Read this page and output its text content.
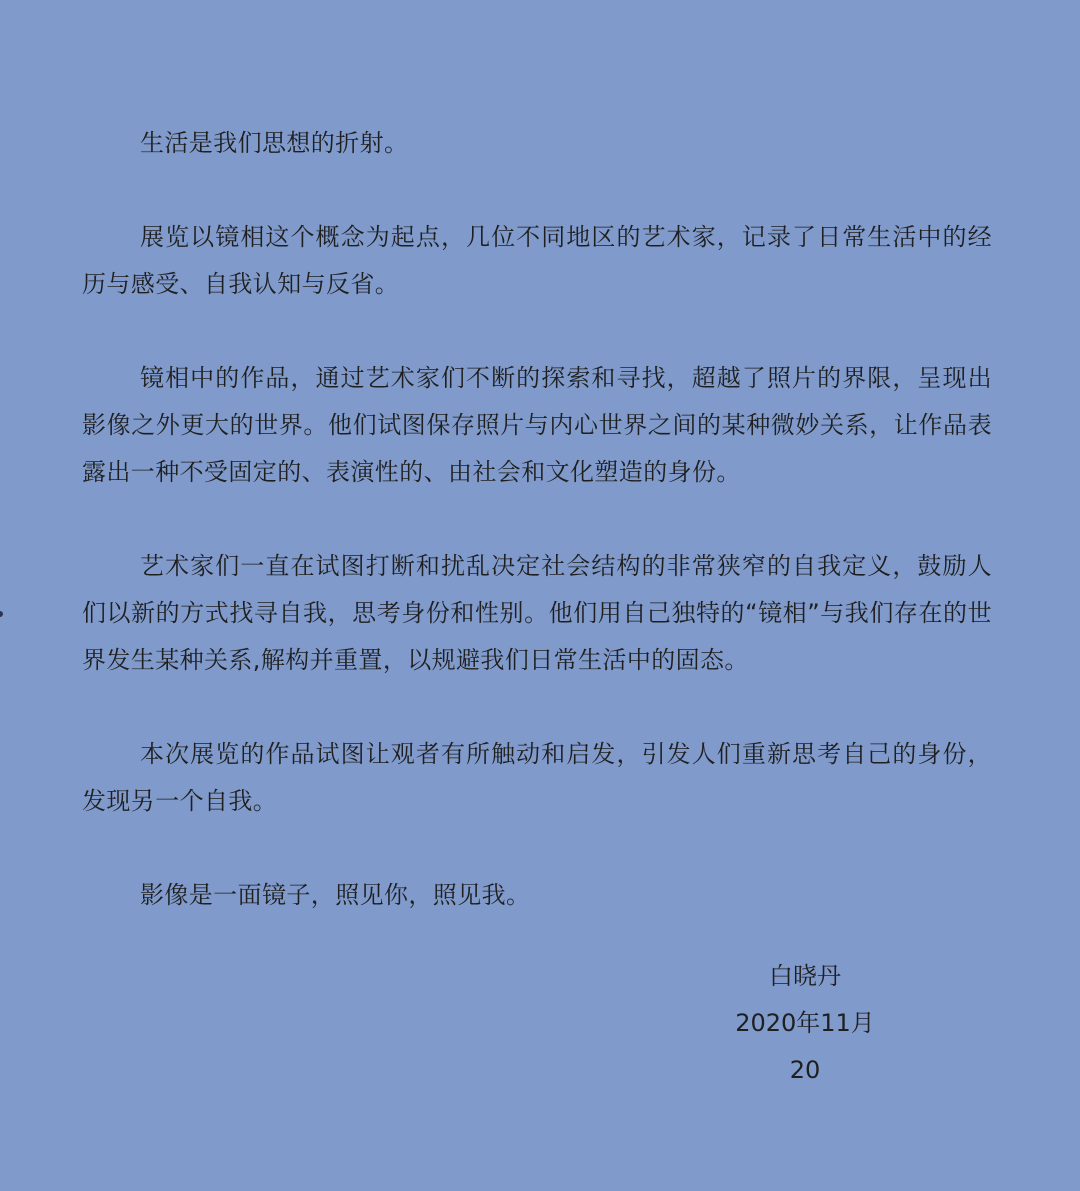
生活是我们思想的折射。

展览以镜相这个概念为起点，几位不同地区的艺术家，记录了日常生活中的经历与感受、自我认知与反省。

镜相中的作品，通过艺术家们不断的探索和寻找，超越了照片的界限，呈现出影像之外更大的世界。他们试图保存照片与内心世界之间的某种微妙关系，让作品表露出一种不受固定的、表演性的、由社会和文化塑造的身份。

艺术家们一直在试图打断和扰乱决定社会结构的非常狭窄的自我定义，鼓励人们以新的方式找寻自我，思考身份和性别。他们用自己独特的“镜相”与我们存在的世界发生某种关系,解构并重置，以规避我们日常生活中的固态。

本次展览的作品试图让观者有所触动和启发，引发人们重新思考自己的身份，发现另一个自我。

影像是一面镜子，照见你，照见我。

白晓丹
2020年11月20
